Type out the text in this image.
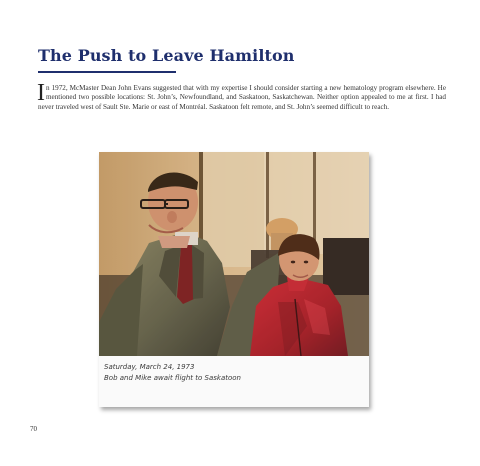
The Push to Leave Hamilton

In 1972, McMaster Dean John Evans suggested that with my expertise I should consider starting a new hematology program elsewhere. He mentioned two possible locations: St. John’s, Newfoundland, and Saskatoon, Saskatchewan. Neither option appealed to me at first. I had never traveled west of Sault Ste. Marie or east of Montréal. Saskatoon felt remote, and St. John’s seemed difficult to reach.

Saturday, March 24, 1973
Bob and Mike await flight to Saskatoon
70
